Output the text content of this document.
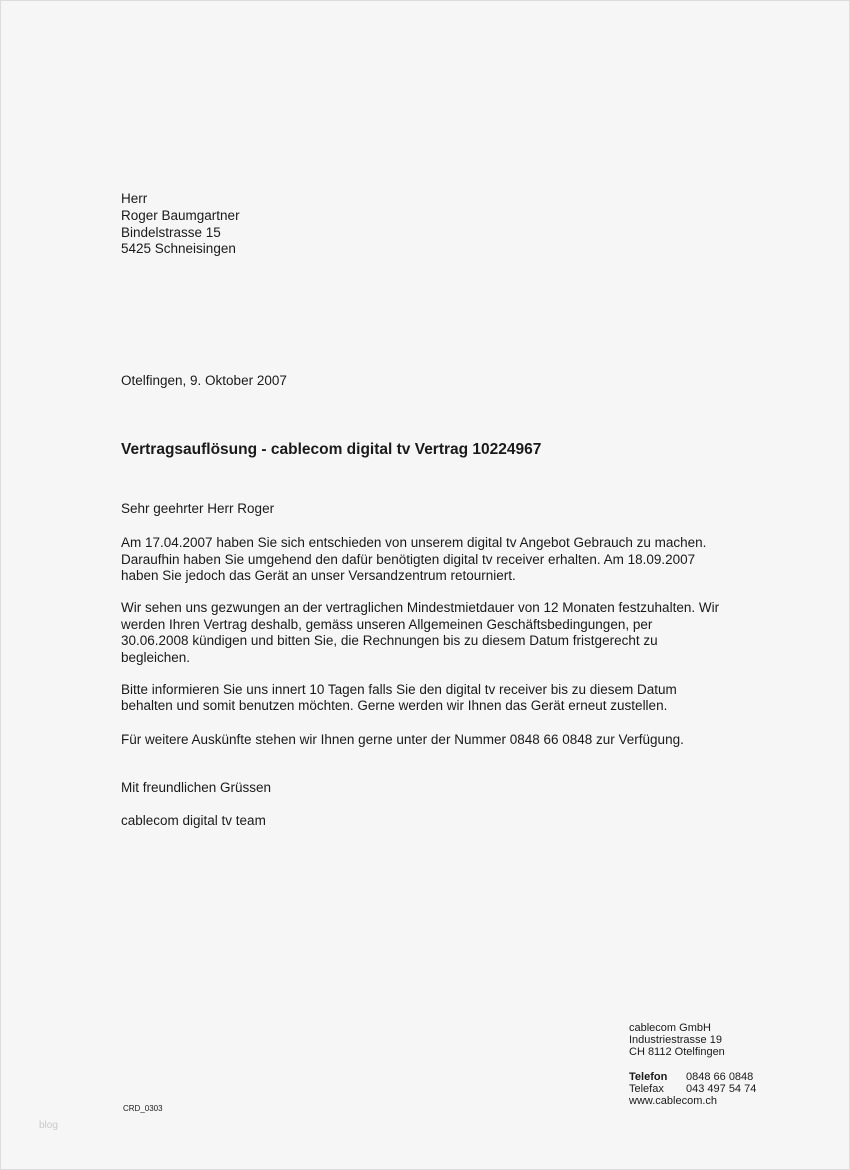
Herr
Roger Baumgartner
Bindelstrasse 15
5425 Schneisingen
Otelfingen, 9. Oktober 2007
Vertragsauflösung - cablecom digital tv Vertrag 10224967
Sehr geehrter Herr Roger
Am 17.04.2007 haben Sie sich entschieden von unserem digital tv Angebot Gebrauch zu machen.
Daraufhin haben Sie umgehend den dafür benötigten digital tv receiver erhalten. Am 18.09.2007
haben Sie jedoch das Gerät an unser Versandzentrum retourniert.
Wir sehen uns gezwungen an der vertraglichen Mindestmietdauer von 12 Monaten festzuhalten. Wir
werden Ihren Vertrag deshalb, gemäss unseren Allgemeinen Geschäftsbedingungen, per
30.06.2008 kündigen und bitten Sie, die Rechnungen bis zu diesem Datum fristgerecht zu
begleichen.
Bitte informieren Sie uns innert 10 Tagen falls Sie den digital tv receiver bis zu diesem Datum
behalten und somit benutzen möchten. Gerne werden wir Ihnen das Gerät erneut zustellen.
Für weitere Auskünfte stehen wir Ihnen gerne unter der Nummer 0848 66 0848 zur Verfügung.
Mit freundlichen Grüssen
cablecom digital tv team
cablecom GmbH
Industriestrasse 19
CH 8112 Otelfingen
Telefon 0848 66 0848
Telefax 043 497 54 74
www.cablecom.ch
CRD_0303
blog
